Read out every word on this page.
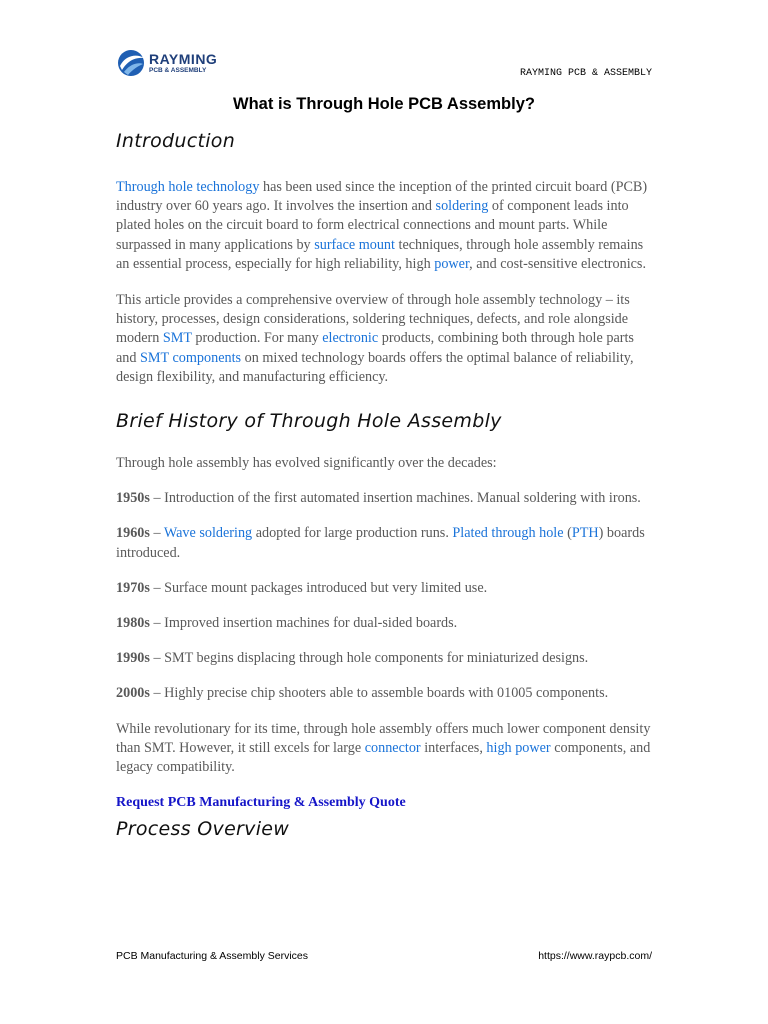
RAYMING
PCB & ASSEMBLY	RAYMING PCB & ASSEMBLY
What is Through Hole PCB Assembly?
Introduction

Through hole technology has been used since the inception of the printed circuit board (PCB) industry over 60 years ago. It involves the insertion and soldering of component leads into plated holes on the circuit board to form electrical connections and mount parts. While surpassed in many applications by surface mount techniques, through hole assembly remains an essential process, especially for high reliability, high power, and cost-sensitive electronics.

This article provides a comprehensive overview of through hole assembly technology – its history, processes, design considerations, soldering techniques, defects, and role alongside modern SMT production. For many electronic products, combining both through hole parts and SMT components on mixed technology boards offers the optimal balance of reliability, design flexibility, and manufacturing efficiency.

Brief History of Through Hole Assembly

Through hole assembly has evolved significantly over the decades:

1950s – Introduction of the first automated insertion machines. Manual soldering with irons.

1960s – Wave soldering adopted for large production runs. Plated through hole (PTH) boards introduced.

1970s – Surface mount packages introduced but very limited use.

1980s – Improved insertion machines for dual-sided boards.

1990s – SMT begins displacing through hole components for miniaturized designs.

2000s – Highly precise chip shooters able to assemble boards with 01005 components.

While revolutionary for its time, through hole assembly offers much lower component density than SMT. However, it still excels for large connector interfaces, high power components, and legacy compatibility.

Request PCB Manufacturing & Assembly Quote

Process Overview
PCB Manufacturing & Assembly Services	https://www.raypcb.com/
